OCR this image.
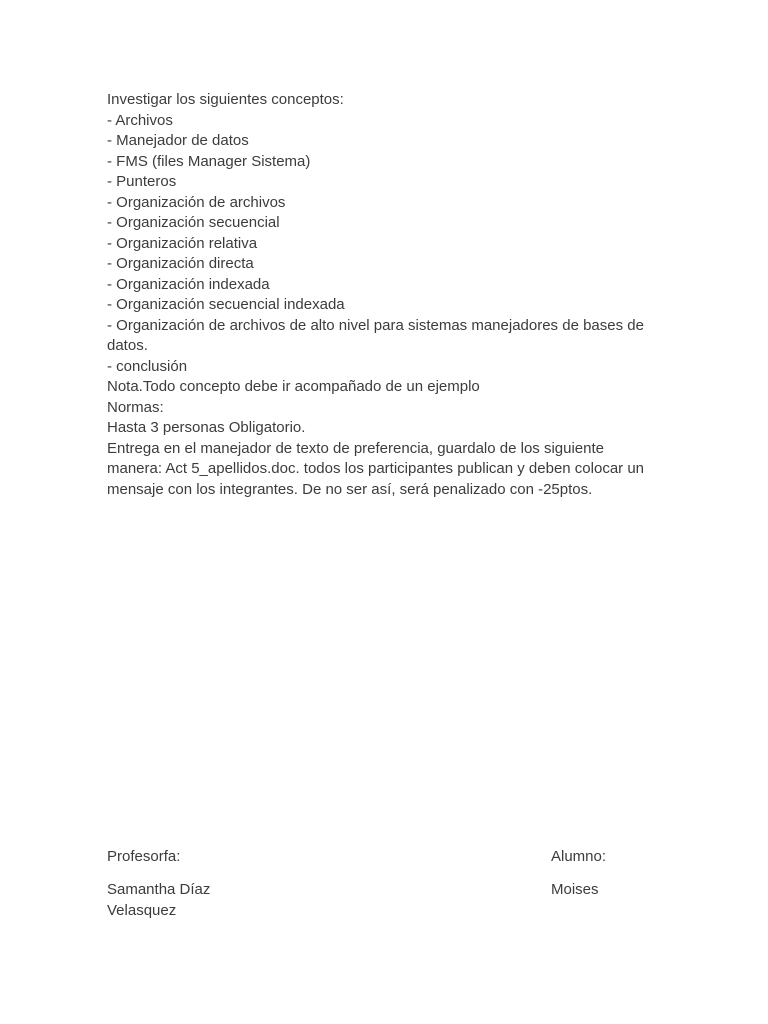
Investigar los siguientes conceptos:

- Archivos

- Manejador de datos

- FMS (files Manager Sistema)

- Punteros

- Organización de archivos

- Organización secuencial

- Organización relativa

- Organización directa

- Organización indexada

- Organización secuencial indexada

- Organización de archivos de alto nivel para sistemas manejadores de bases de datos.

- conclusión

Nota.Todo concepto debe ir acompañado de un ejemplo

Normas:

Hasta 3 personas Obligatorio.

Entrega en el manejador de texto de preferencia, guardalo de los siguiente manera: Act 5_apellidos.doc. todos los participantes publican y deben colocar un mensaje con los integrantes. De no ser así, será penalizado con -25ptos.

Profesorfa:
Samantha Díaz Velasquez
Alumno:
Moises
